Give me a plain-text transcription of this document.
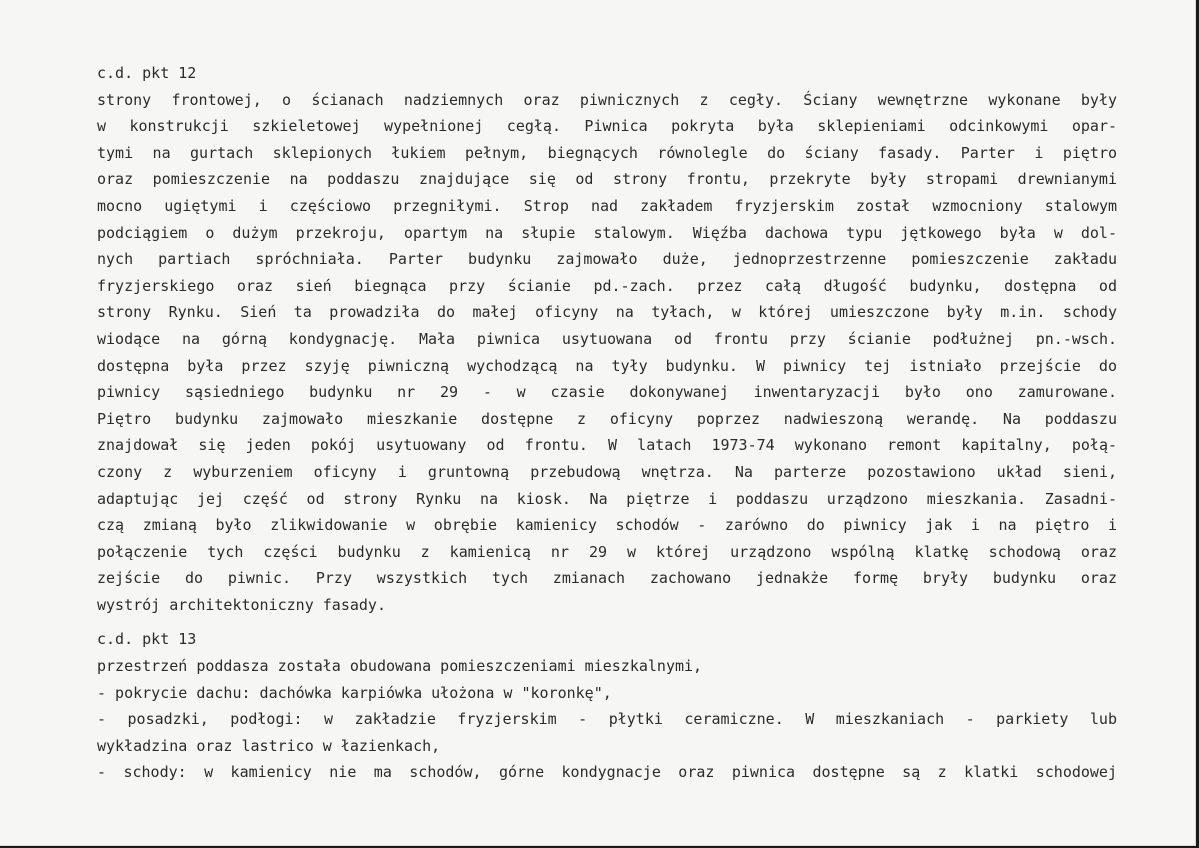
c.d. pkt 12
strony frontowej, o ścianach nadziemnych oraz piwnicznych z cegły. Ściany wewnętrzne wykonane były
w konstrukcji szkieletowej wypełnionej cegłą. Piwnica pokryta była sklepieniami odcinkowymi opar-
tymi na gurtach sklepionych łukiem pełnym, biegnących równolegle do ściany fasady. Parter i piętro
oraz pomieszczenie na poddaszu znajdujące się od strony frontu, przekryte były stropami drewnianymi
mocno ugiętymi i częściowo przegniłymi. Strop nad zakładem fryzjerskim został wzmocniony stalowym
podciągiem o dużym przekroju, opartym na słupie stalowym. Więźba dachowa typu jętkowego była w dol-
nych partiach spróchniała. Parter budynku zajmowało duże, jednoprzestrzenne pomieszczenie zakładu
fryzjerskiego oraz sień biegnąca przy ścianie pd.-zach. przez całą długość budynku, dostępna od
strony Rynku. Sień ta prowadziła do małej oficyny na tyłach, w której umieszczone były m.in. schody
wiodące na górną kondygnację. Mała piwnica usytuowana od frontu przy ścianie podłużnej pn.-wsch.
dostępna była przez szyję piwniczną wychodzącą na tyły budynku. W piwnicy tej istniało przejście do
piwnicy sąsiedniego budynku nr 29 - w czasie dokonywanej inwentaryzacji było ono zamurowane.
Piętro budynku zajmowało mieszkanie dostępne z oficyny poprzez nadwieszoną werandę. Na poddaszu
znajdował się jeden pokój usytuowany od frontu. W latach 1973-74 wykonano remont kapitalny, połą-
czony z wyburzeniem oficyny i gruntowną przebudową wnętrza. Na parterze pozostawiono układ sieni,
adaptując jej część od strony Rynku na kiosk. Na piętrze i poddaszu urządzono mieszkania. Zasadni-
czą zmianą było zlikwidowanie w obrębie kamienicy schodów - zarówno do piwnicy jak i na piętro i
połączenie tych części budynku z kamienicą nr 29 w której urządzono wspólną klatkę schodową oraz
zejście do piwnic. Przy wszystkich tych zmianach zachowano jednakże formę bryły budynku oraz
wystrój architektoniczny fasady.
c.d. pkt 13
przestrzeń poddasza została obudowana pomieszczeniami mieszkalnymi,
- pokrycie dachu: dachówka karpiówka ułożona w "koronkę",
- posadzki, podłogi: w zakładzie fryzjerskim - płytki ceramiczne. W mieszkaniach - parkiety lub
wykładzina oraz lastrico w łazienkach,
- schody: w kamienicy nie ma schodów, górne kondygnacje oraz piwnica dostępne są z klatki schodowej
